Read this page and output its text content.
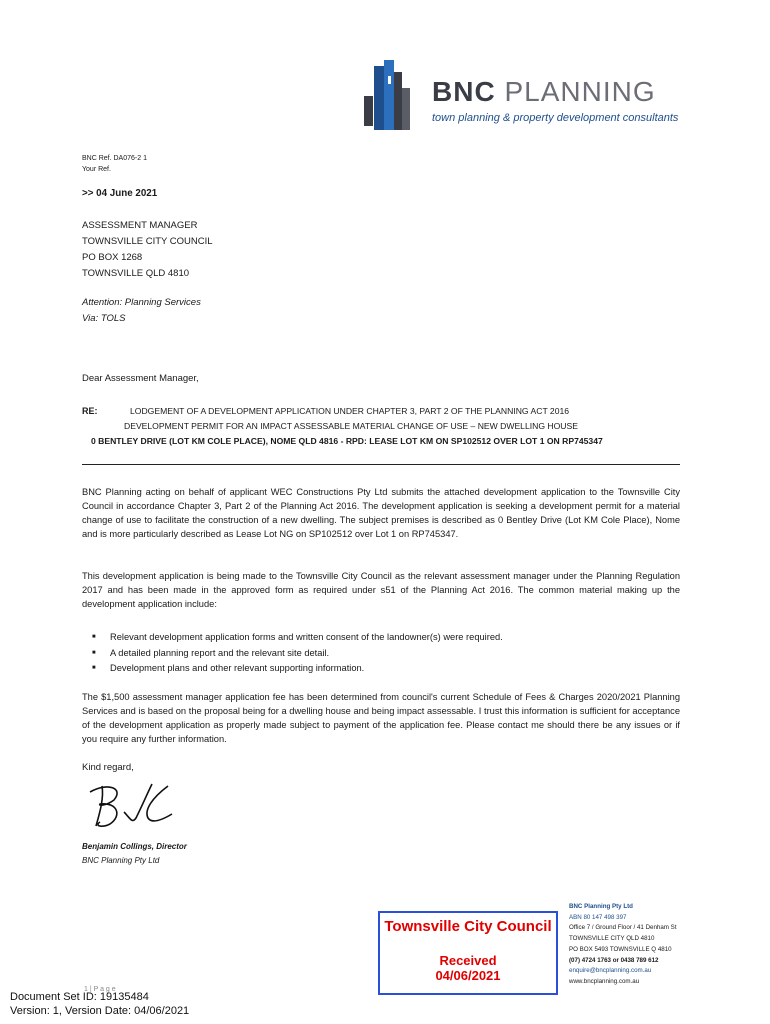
BNC PLANNING
town planning & property development consultants
BNC Ref. DA076-2 1
Your Ref.
>> 04 June 2021
ASSESSMENT MANAGER
TOWNSVILLE CITY COUNCIL
PO BOX 1268
TOWNSVILLE QLD 4810
Attention: Planning Services
Via: TOLS
Dear Assessment Manager,
RE:	LODGEMENT OF A DEVELOPMENT APPLICATION UNDER CHAPTER 3, PART 2 OF THE PLANNING ACT 2016
DEVELOPMENT PERMIT FOR AN IMPACT ASSESSABLE MATERIAL CHANGE OF USE – NEW DWELLING HOUSE
0 BENTLEY DRIVE (LOT KM COLE PLACE), NOME QLD 4816 - RPD: LEASE LOT KM ON SP102512 OVER LOT 1 ON RP745347
BNC Planning acting on behalf of applicant WEC Constructions Pty Ltd submits the attached development application to the Townsville City Council in accordance Chapter 3, Part 2 of the Planning Act 2016. The development application is seeking a development permit for a material change of use to facilitate the construction of a new dwelling. The subject premises is described as 0 Bentley Drive (Lot KM Cole Place), Nome and is more particularly described as Lease Lot NG on SP102512 over Lot 1 on RP745347.
This development application is being made to the Townsville City Council as the relevant assessment manager under the Planning Regulation 2017 and has been made in the approved form as required under s51 of the Planning Act 2016. The common material making up the development application include:
■ Relevant development application forms and written consent of the landowner(s) were required.
■ A detailed planning report and the relevant site detail.
■ Development plans and other relevant supporting information.
The $1,500 assessment manager application fee has been determined from council's current Schedule of Fees & Charges 2020/2021 Planning Services and is based on the proposal being for a dwelling house and being impact assessable. I trust this information is sufficient for acceptance of the development application as properly made subject to payment of the application fee. Please contact me should there be any issues or if you require any further information.
Kind regard,
Benjamin Collings, Director
BNC Planning Pty Ltd
BNC Planning Pty Ltd
ABN 80 147 498 397
Office 7 / Ground Floor / 41 Denham St
TOWNSVILLE CITY QLD 4810
PO BOX 5493 TOWNSVILLE Q 4810
(07) 4724 1763 or 0438 789 612
enquire@bncplanning.com.au
www.bncplanning.com.au
Townsville City Council
Received
04/06/2021
1 | P a g e
Document Set ID: 19135484
Version: 1, Version Date: 04/06/2021
